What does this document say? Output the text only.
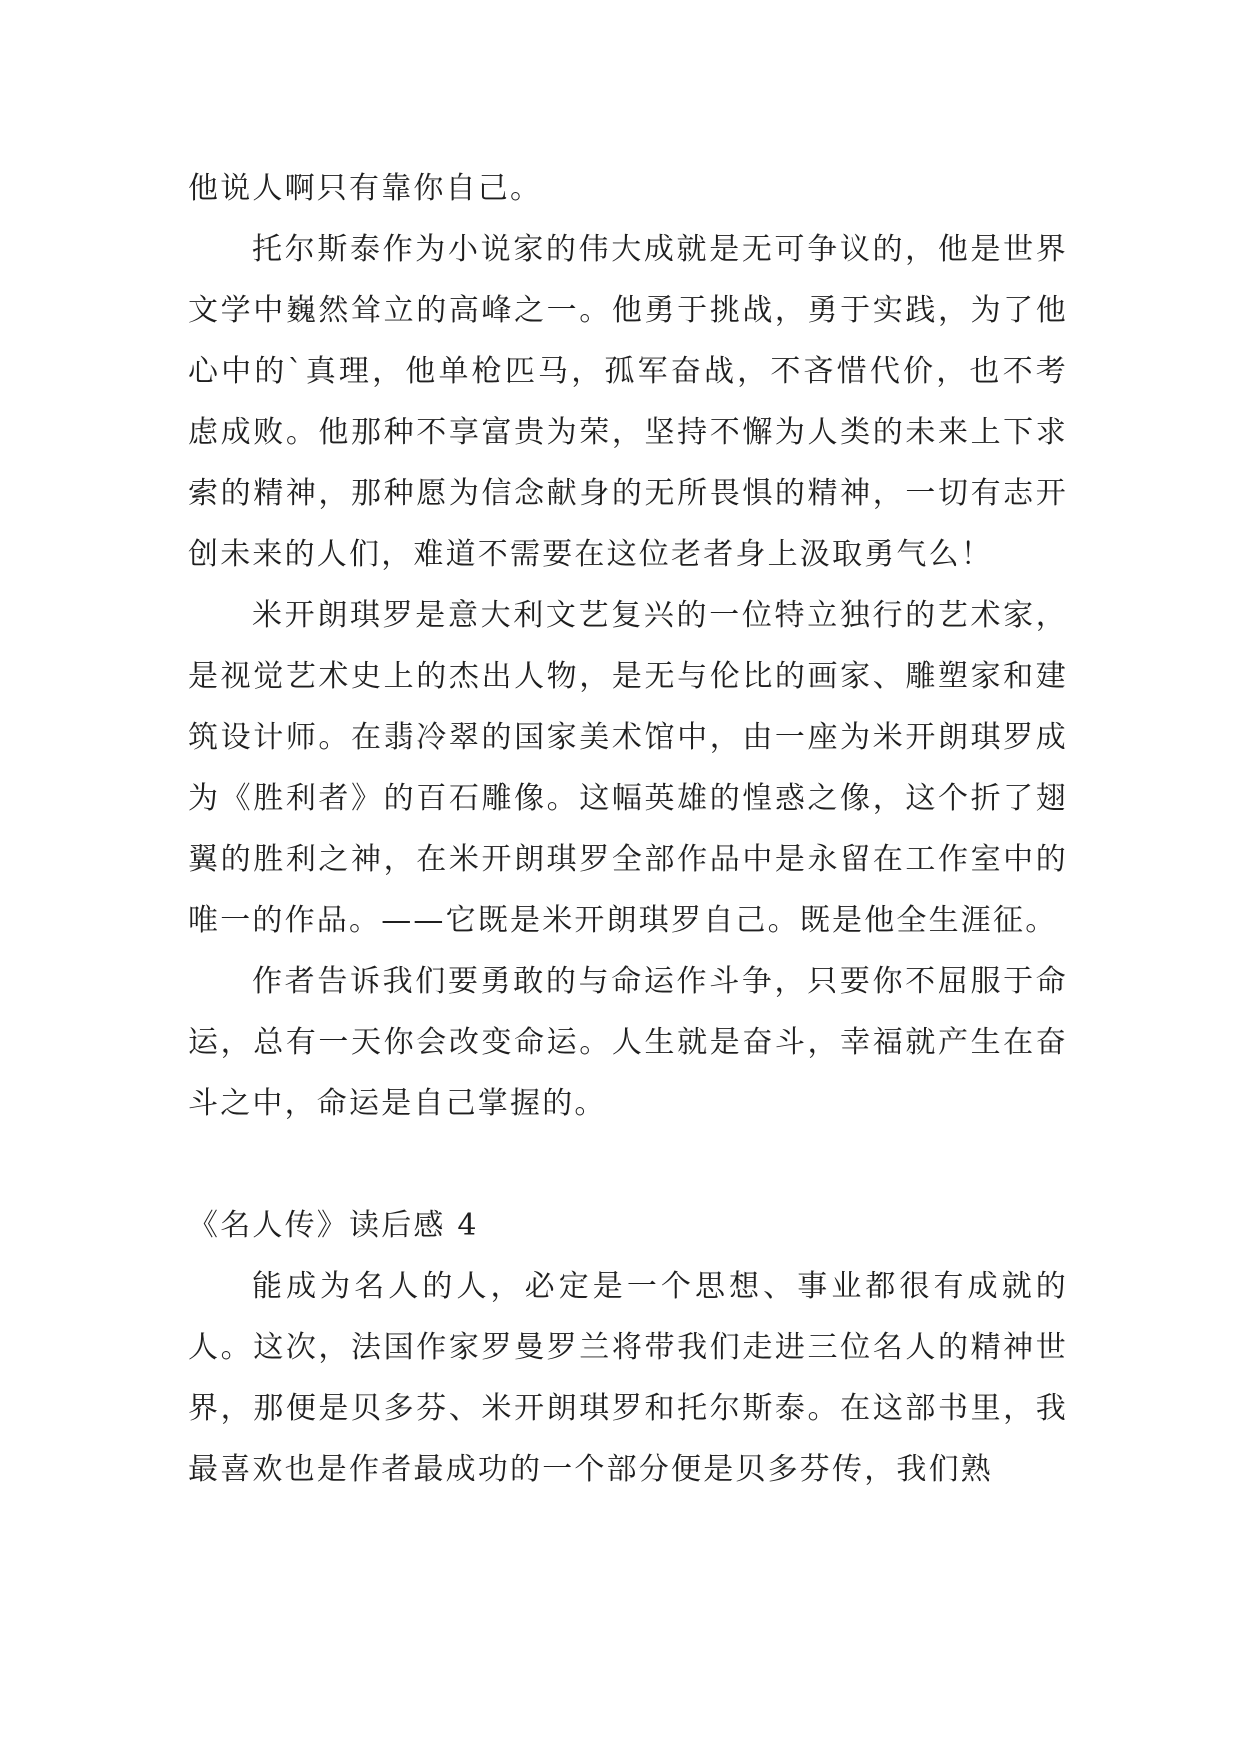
他说人啊只有靠你自己。

托尔斯泰作为小说家的伟大成就是无可争议的，他是世界文学中巍然耸立的高峰之一。他勇于挑战，勇于实践，为了他心中的`真理，他单枪匹马，孤军奋战，不吝惜代价，也不考虑成败。他那种不享富贵为荣，坚持不懈为人类的未来上下求索的精神，那种愿为信念献身的无所畏惧的精神，一切有志开创未来的人们，难道不需要在这位老者身上汲取勇气么！

米开朗琪罗是意大利文艺复兴的一位特立独行的艺术家，是视觉艺术史上的杰出人物，是无与伦比的画家、雕塑家和建筑设计师。在翡冷翠的国家美术馆中，由一座为米开朗琪罗成为《胜利者》的百石雕像。这幅英雄的惶惑之像，这个折了翅翼的胜利之神，在米开朗琪罗全部作品中是永留在工作室中的唯一的作品。——它既是米开朗琪罗自己。既是他全生涯征。

作者告诉我们要勇敢的与命运作斗争，只要你不屈服于命运，总有一天你会改变命运。人生就是奋斗，幸福就产生在奋斗之中，命运是自己掌握的。

《名人传》读后感 4

能成为名人的人，必定是一个思想、事业都很有成就的人。这次，法国作家罗曼罗兰将带我们走进三位名人的精神世界，那便是贝多芬、米开朗琪罗和托尔斯泰。在这部书里，我最喜欢也是作者最成功的一个部分便是贝多芬传，我们熟
